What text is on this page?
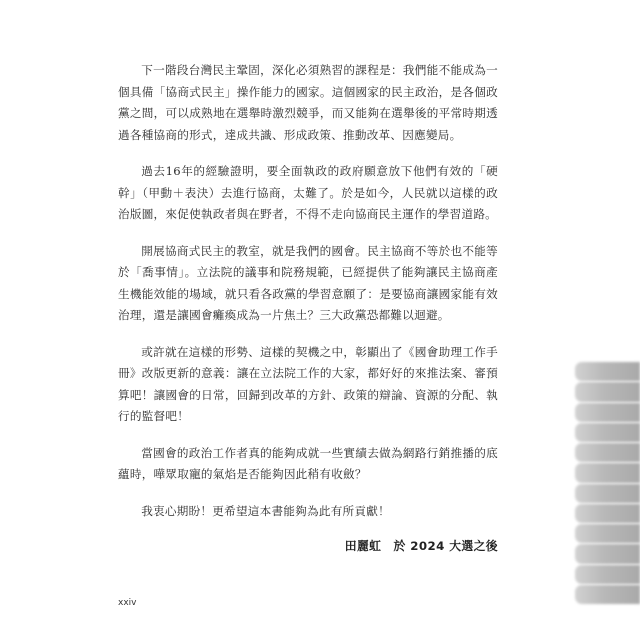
下一階段台灣民主鞏固，深化必須熟習的課程是：我們能不能成為一個具備「協商式民主」操作能力的國家。這個國家的民主政治，是各個政黨之間，可以成熟地在選舉時激烈競爭，而又能夠在選舉後的平常時期透過各種協商的形式，達成共識、形成政策、推動改革、因應變局。

過去16年的經驗證明，要全面執政的政府願意放下他們有效的「硬幹」（甲動＋表決）去進行協商，太難了。於是如今，人民就以這樣的政治版圖，來促使執政者與在野者，不得不走向協商民主運作的學習道路。

開展協商式民主的教室，就是我們的國會。民主協商不等於也不能等於「喬事情」。立法院的議事和院務規範，已經提供了能夠讓民主協商產生機能效能的場域，就只看各政黨的學習意願了：是要協商讓國家能有效治理，還是讓國會癱瘓成為一片焦土？三大政黨恐都難以迴避。

或許就在這樣的形勢、這樣的契機之中，彰顯出了《國會助理工作手冊》改版更新的意義：讓在立法院工作的大家，都好好的來推法案、審預算吧！讓國會的日常，回歸到改革的方針、政策的辯論、資源的分配、執行的監督吧！

當國會的政治工作者真的能夠成就一些實績去做為網路行銷推播的底蘊時，嘩眾取寵的氣焰是否能夠因此稍有收斂？

我衷心期盼！更希望這本書能夠為此有所貢獻！

田麗虹　於 2024 大選之後
xxiv
